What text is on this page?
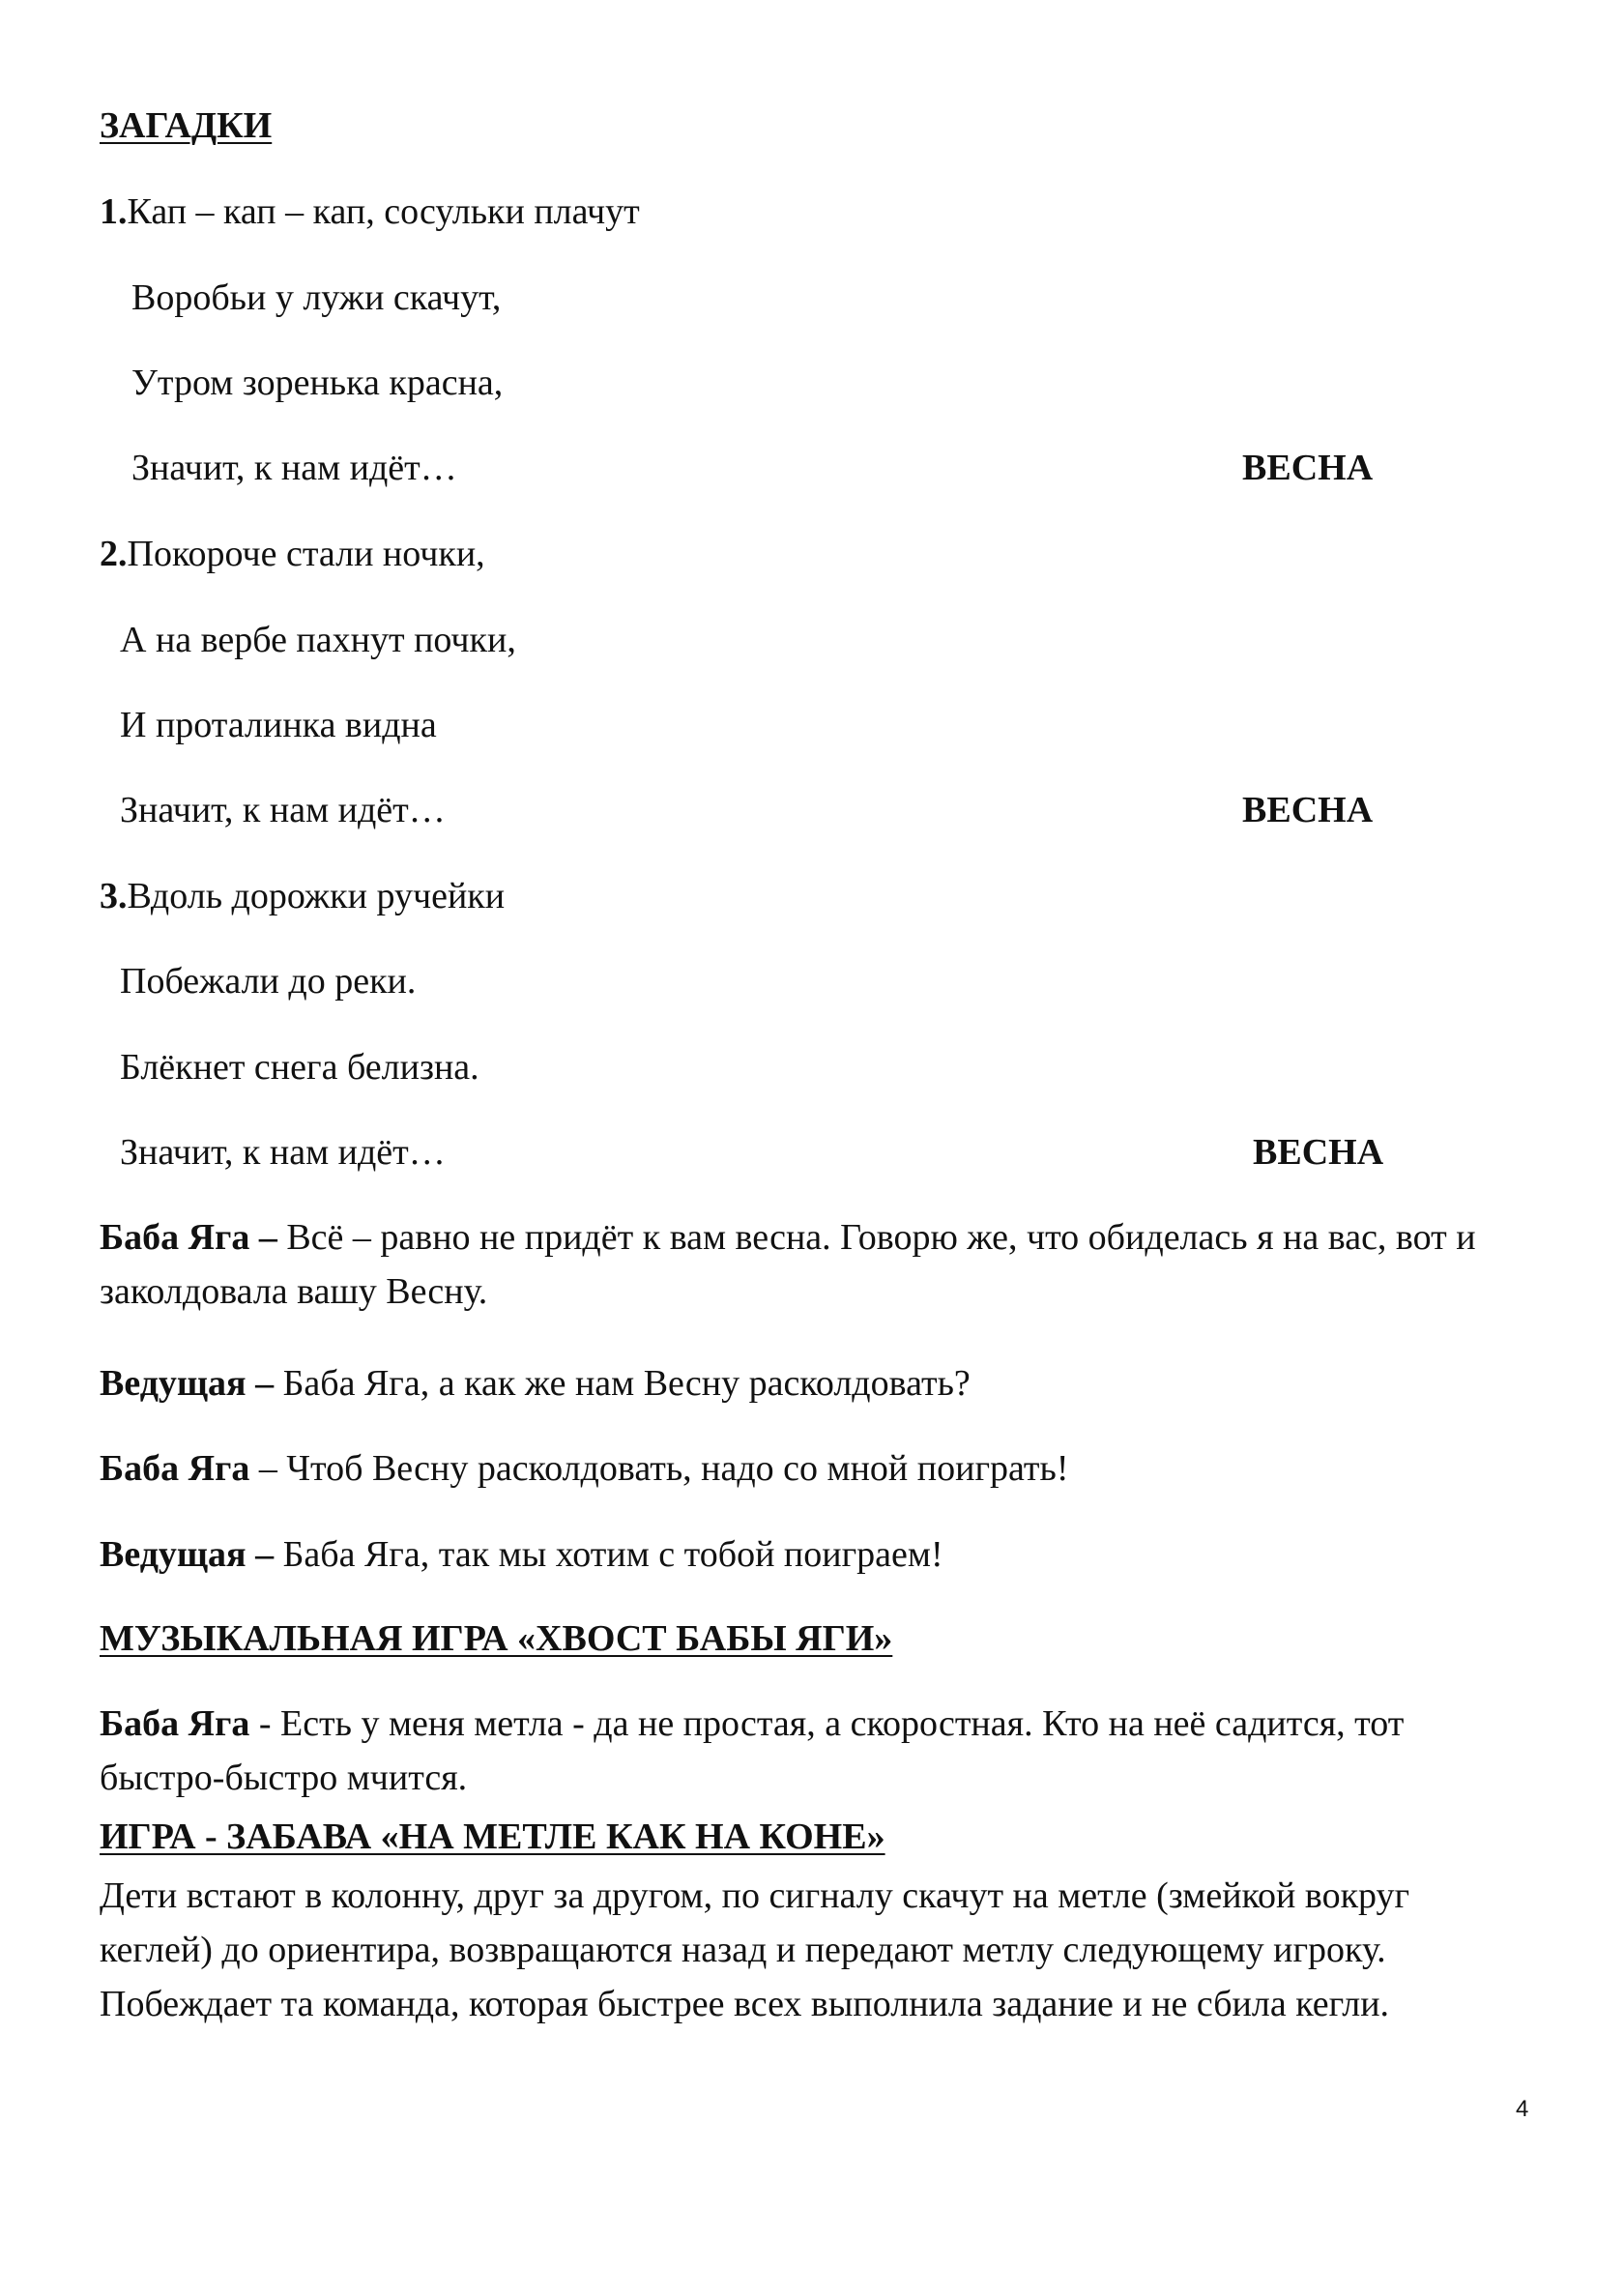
ЗАГАДКИ
1.Кап – кап – кап, сосульки плачут
Воробьи у лужи скачут,
Утром зоренька красна,
Значит, к нам идёт…	ВЕСНА
2.Покороче стали ночки,
А на вербе пахнут почки,
И проталинка видна
Значит, к нам идёт…	ВЕСНА
3.Вдоль дорожки ручейки
Побежали до реки.
Блёкнет снега белизна.
Значит, к нам идёт…	ВЕСНА
Баба Яга – Всё – равно не придёт к вам весна. Говорю же, что обиделась я на вас, вот и заколдовала вашу Весну.
Ведущая – Баба Яга, а как же нам Весну расколдовать?
Баба Яга – Чтоб Весну расколдовать, надо со мной поиграть!
Ведущая – Баба Яга, так мы хотим с тобой поиграем!
МУЗЫКАЛЬНАЯ ИГРА «ХВОСТ БАБЫ ЯГИ»
Баба Яга - Есть у меня метла - да не простая, а скоростная. Кто на неё садится, тот быстро-быстро мчится.
ИГРА - ЗАБАВА «НА МЕТЛЕ КАК НА КОНЕ»
Дети встают в колонну, друг за другом, по сигналу скачут на метле (змейкой вокруг кеглей) до ориентира, возвращаются назад и передают метлу следующему игроку. Побеждает та команда, которая быстрее всех выполнила задание и не сбила кегли.
4
